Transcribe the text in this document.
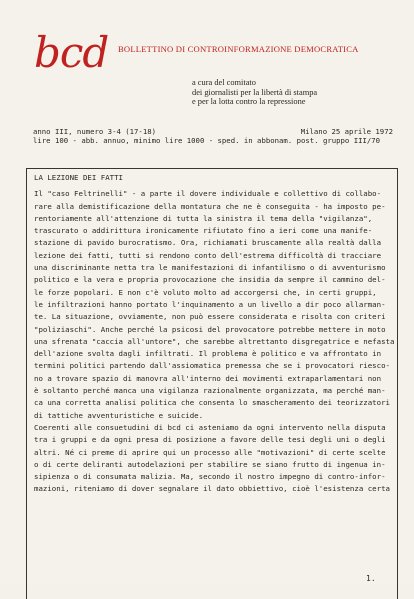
bcd BOLLETTINO DI CONTROINFORMAZIONE DEMOCRATICA
a cura del comitato
dei giornalisti per la libertà di stampa
e per la lotta contro la repressione
anno III, numero 3-4 (17-18)	Milano 25 aprile 1972
lire 100 - abb. annuo, minimo lire 1000 - sped. in abbonam. post. gruppo III/70
LA LEZIONE DEI FATTI
Il "caso Feltrinelli" - a parte il dovere individuale e collettivo di collabo-
rare alla demistificazione della montatura che ne è conseguita - ha imposto pe-
rentoriamente all'attenzione di tutta la sinistra il tema della "vigilanza",
trascurato o addirittura ironicamente rifiutato fino a ieri come una manife-
stazione di pavido burocratismo. Ora, richiamati bruscamente alla realtà dalla
lezione dei fatti, tutti si rendono conto dell'estrema difficoltà di tracciare
una discriminante netta tra le manifestazioni di infantilismo o di avventurismo
politico e la vera e propria provocazione che insidia da sempre il cammino del-
le forze popolari. E non c'è voluto molto ad accorgersi che, in certi gruppi,
le infiltrazioni hanno portato l'inquinamento a un livello a dir poco allarman-
te. La situazione, ovviamente, non può essere considerata e risolta con criteri
"poliziaschi". Anche perché la psicosi del provocatore potrebbe mettere in moto
una sfrenata "caccia all'untore", che sarebbe altrettanto disgregatrice e nefasta
dell'azione svolta dagli infiltrati. Il problema è politico e va affrontato in
termini politici partendo dall'assiomatica premessa che se i provocatori riesco-
no a trovare spazio di manovra all'interno dei movimenti extraparlamentari non
è soltanto perché manca una vigilanza razionalmente organizzata, ma perché man-
ca una corretta analisi politica che consenta lo smascheramento dei teorizzatori
di tattiche avventuristiche e suicide.
Coerenti alle consuetudini di bcd ci asteniamo da ogni intervento nella disputa
tra i gruppi e da ogni presa di posizione a favore delle tesi degli uni o degli
altri. Né ci preme di aprire qui un processo alle "motivazioni" di certe scelte
o di certe deliranti autodelazioni per stabilire se siano frutto di ingenua in-
sipienza o di consumata malizia. Ma, secondo il nostro impegno di contro-infor-
mazioni, riteniamo di dover segnalare il dato obbiettivo, cioè l'esistenza certa
1.
